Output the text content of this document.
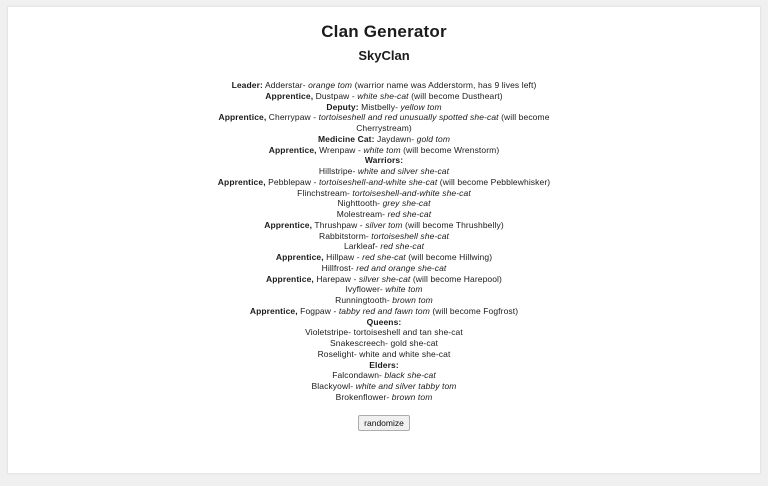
Clan Generator
SkyClan
Leader: Adderstar- orange tom (warrior name was Adderstorm, has 9 lives left)
Apprentice, Dustpaw - white she-cat (will become Dustheart)
Deputy: Mistbelly- yellow tom
Apprentice, Cherrypaw - tortoiseshell and red unusually spotted she-cat (will become Cherrystream)
Medicine Cat: Jaydawn- gold tom
Apprentice, Wrenpaw - white tom (will become Wrenstorm)
Warriors:
Hillstripe- white and silver she-cat
Apprentice, Pebblepaw - tortoiseshell-and-white she-cat (will become Pebblewhisker)
Flinchstream- tortoiseshell-and-white she-cat
Nighttooth- grey she-cat
Molestream- red she-cat
Apprentice, Thrushpaw - silver tom (will become Thrushbelly)
Rabbitstorm- tortoiseshell she-cat
Larkleaf- red she-cat
Apprentice, Hillpaw - red she-cat (will become Hillwing)
Hillfrost- red and orange she-cat
Apprentice, Harepaw - silver she-cat (will become Harepool)
Ivyflower- white tom
Runningtooth- brown tom
Apprentice, Fogpaw - tabby red and fawn tom (will become Fogfrost)
Queens:
Violetstripe- tortoiseshell and tan she-cat
Snakescreech- gold she-cat
Roselight- white and white she-cat
Elders:
Falcondawn- black she-cat
Blackyowl- white and silver tabby tom
Brokenflower- brown tom
randomize
